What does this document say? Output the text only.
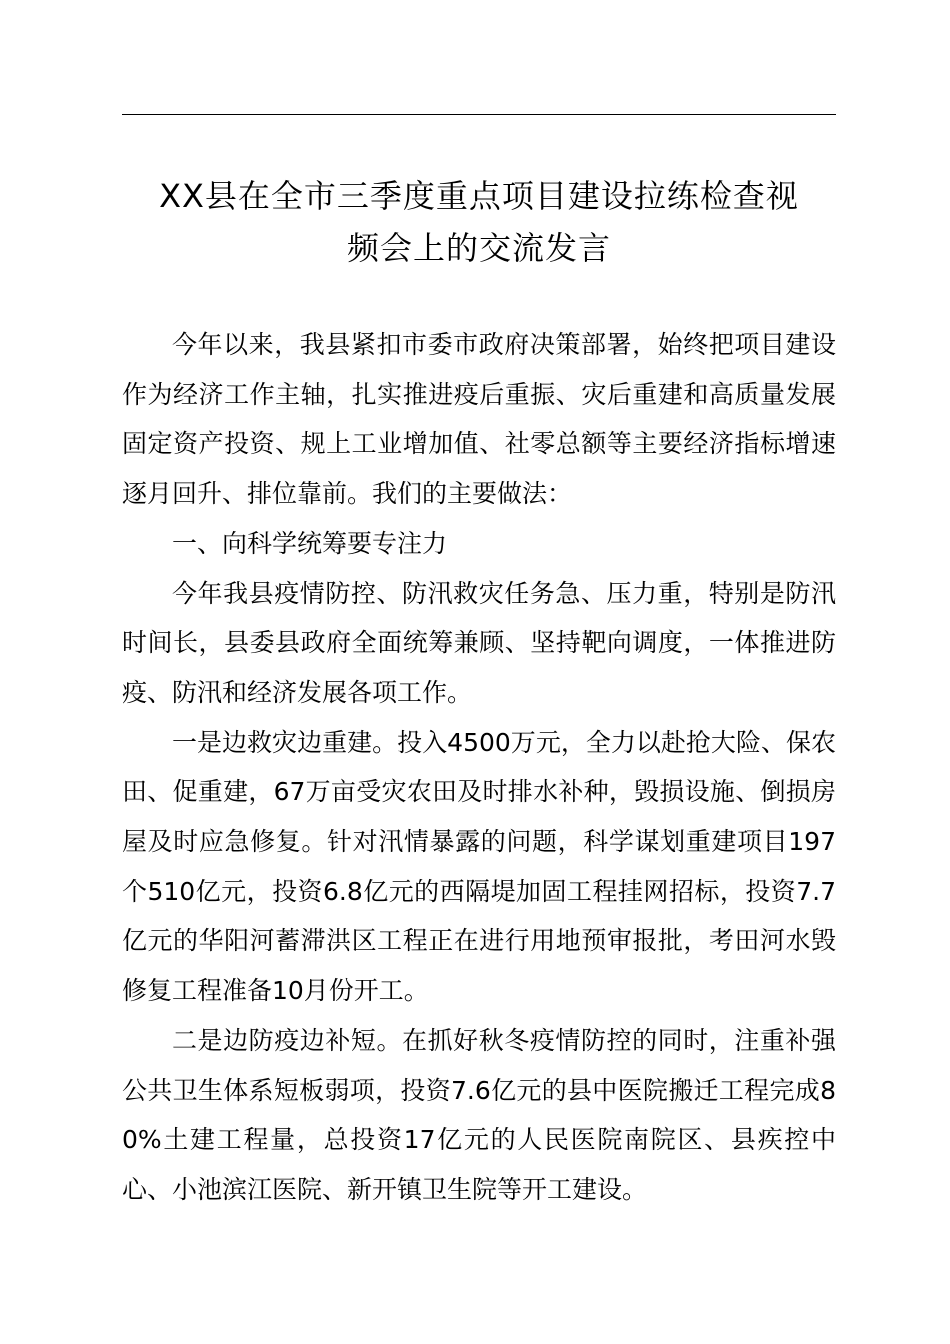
XX县在全市三季度重点项目建设拉练检查视
频会上的交流发言

今年以来，我县紧扣市委市政府决策部署，始终把项目建设作为经济工作主轴，扎实推进疫后重振、灾后重建和高质量发展固定资产投资、规上工业增加值、社零总额等主要经济指标增速逐月回升、排位靠前。我们的主要做法：

一、向科学统筹要专注力

今年我县疫情防控、防汛救灾任务急、压力重，特别是防汛时间长，县委县政府全面统筹兼顾、坚持靶向调度，一体推进防疫、防汛和经济发展各项工作。

一是边救灾边重建。投入4500万元，全力以赴抢大险、保农田、促重建，67万亩受灾农田及时排水补种，毁损设施、倒损房屋及时应急修复。针对汛情暴露的问题，科学谋划重建项目197个510亿元，投资6.8亿元的西隔堤加固工程挂网招标，投资7.7亿元的华阳河蓄滞洪区工程正在进行用地预审报批，考田河水毁修复工程准备10月份开工。

二是边防疫边补短。在抓好秋冬疫情防控的同时，注重补强公共卫生体系短板弱项，投资7.6亿元的县中医院搬迁工程完成80%土建工程量，总投资17亿元的人民医院南院区、县疾控中心、小池滨江医院、新开镇卫生院等开工建设。
